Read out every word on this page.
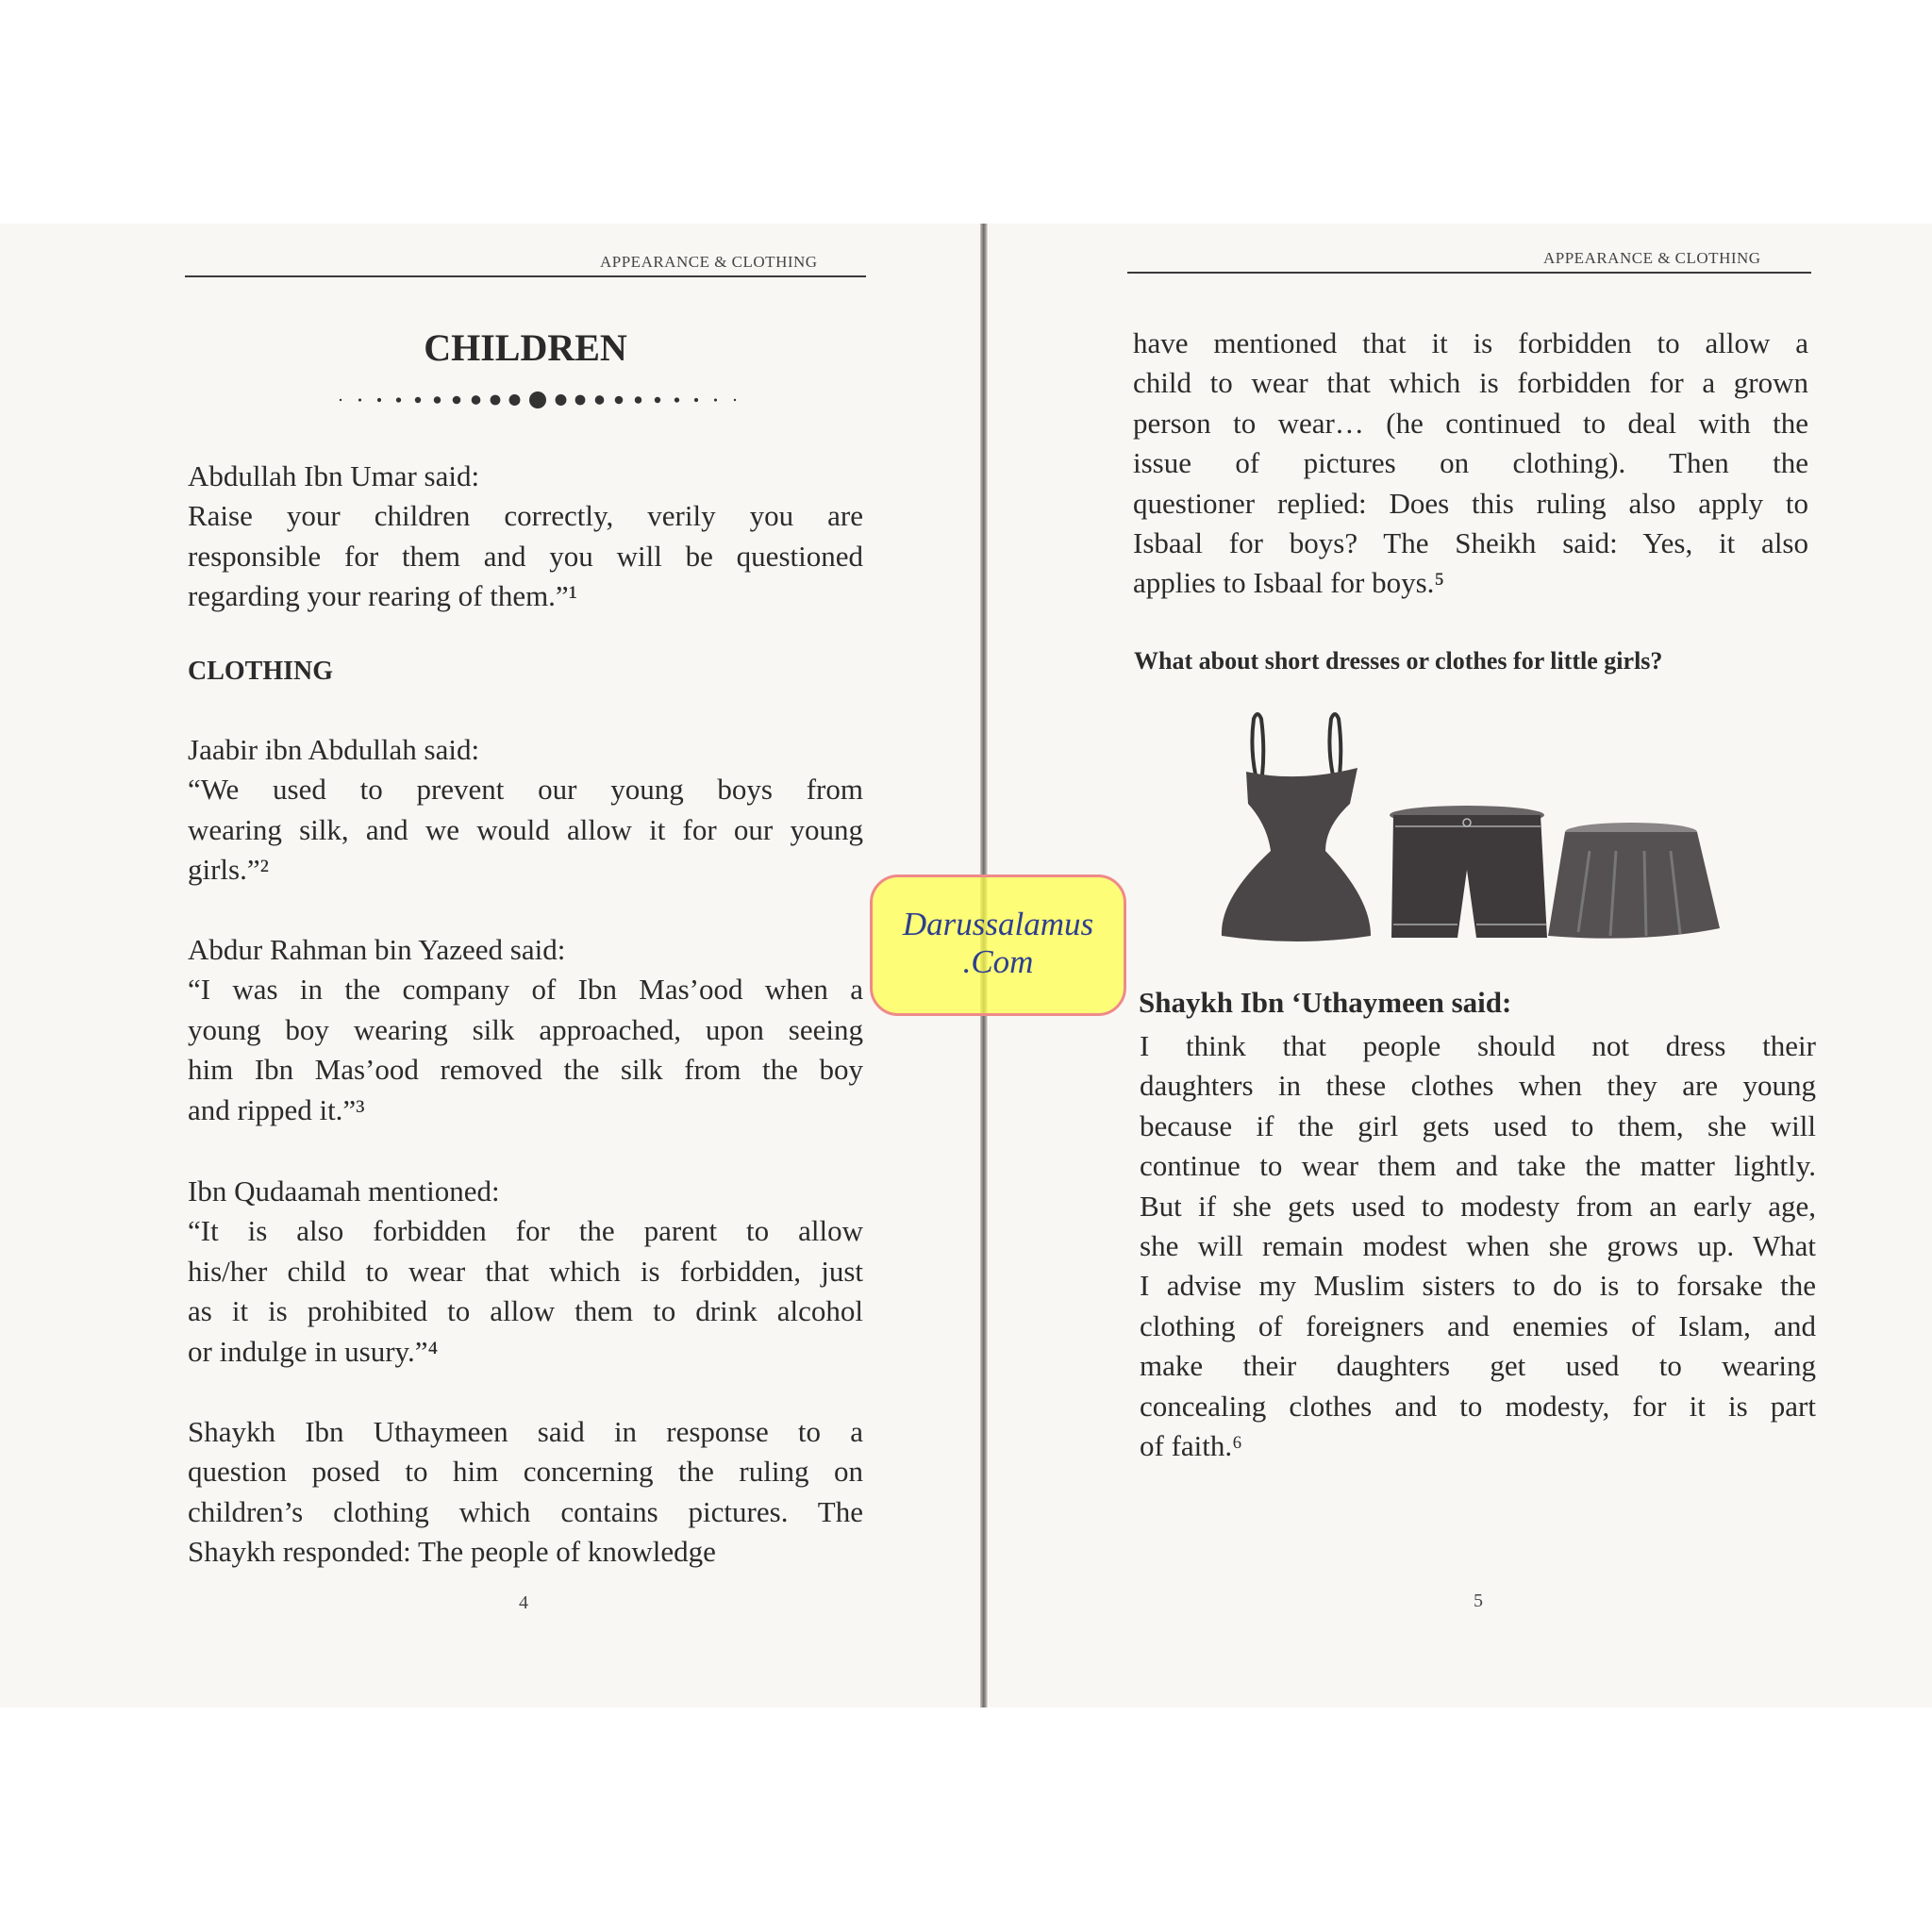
APPEARANCE & CLOTHING
CHILDREN
Abdullah Ibn Umar said:
Raise your children correctly, verily you are
responsible for them and you will be questioned
regarding your rearing of them.”¹
CLOTHING
Jaabir ibn Abdullah said:
“We used to prevent our young boys from
wearing silk, and we would allow it for our young
girls.”²
Abdur Rahman bin Yazeed said:
“I was in the company of Ibn Mas’ood when a
young boy wearing silk approached, upon seeing
him Ibn Mas’ood removed the silk from the boy
and ripped it.”³
Ibn Qudaamah mentioned:
“It is also forbidden for the parent to allow
his/her child to wear that which is forbidden, just
as it is prohibited to allow them to drink alcohol
or indulge in usury.”⁴
Shaykh Ibn Uthaymeen said in response to a
question posed to him concerning the ruling on
children’s clothing which contains pictures. The
Shaykh responded: The people of knowledge
4
APPEARANCE & CLOTHING
have mentioned that it is forbidden to allow a
child to wear that which is forbidden for a grown
person to wear… (he continued to deal with the
issue of pictures on clothing). Then the
questioner replied: Does this ruling also apply to
Isbaal for boys? The Sheikh said: Yes, it also
applies to Isbaal for boys.⁵
What about short dresses or clothes for little girls?
Shaykh Ibn ‘Uthaymeen said:
I think that people should not dress their
daughters in these clothes when they are young
because if the girl gets used to them, she will
continue to wear them and take the matter lightly.
But if she gets used to modesty from an early age,
she will remain modest when she grows up. What
I advise my Muslim sisters to do is to forsake the
clothing of foreigners and enemies of Islam, and
make their daughters get used to wearing
concealing clothes and to modesty, for it is part
of faith.⁶
5
Darussalamus
.Com
